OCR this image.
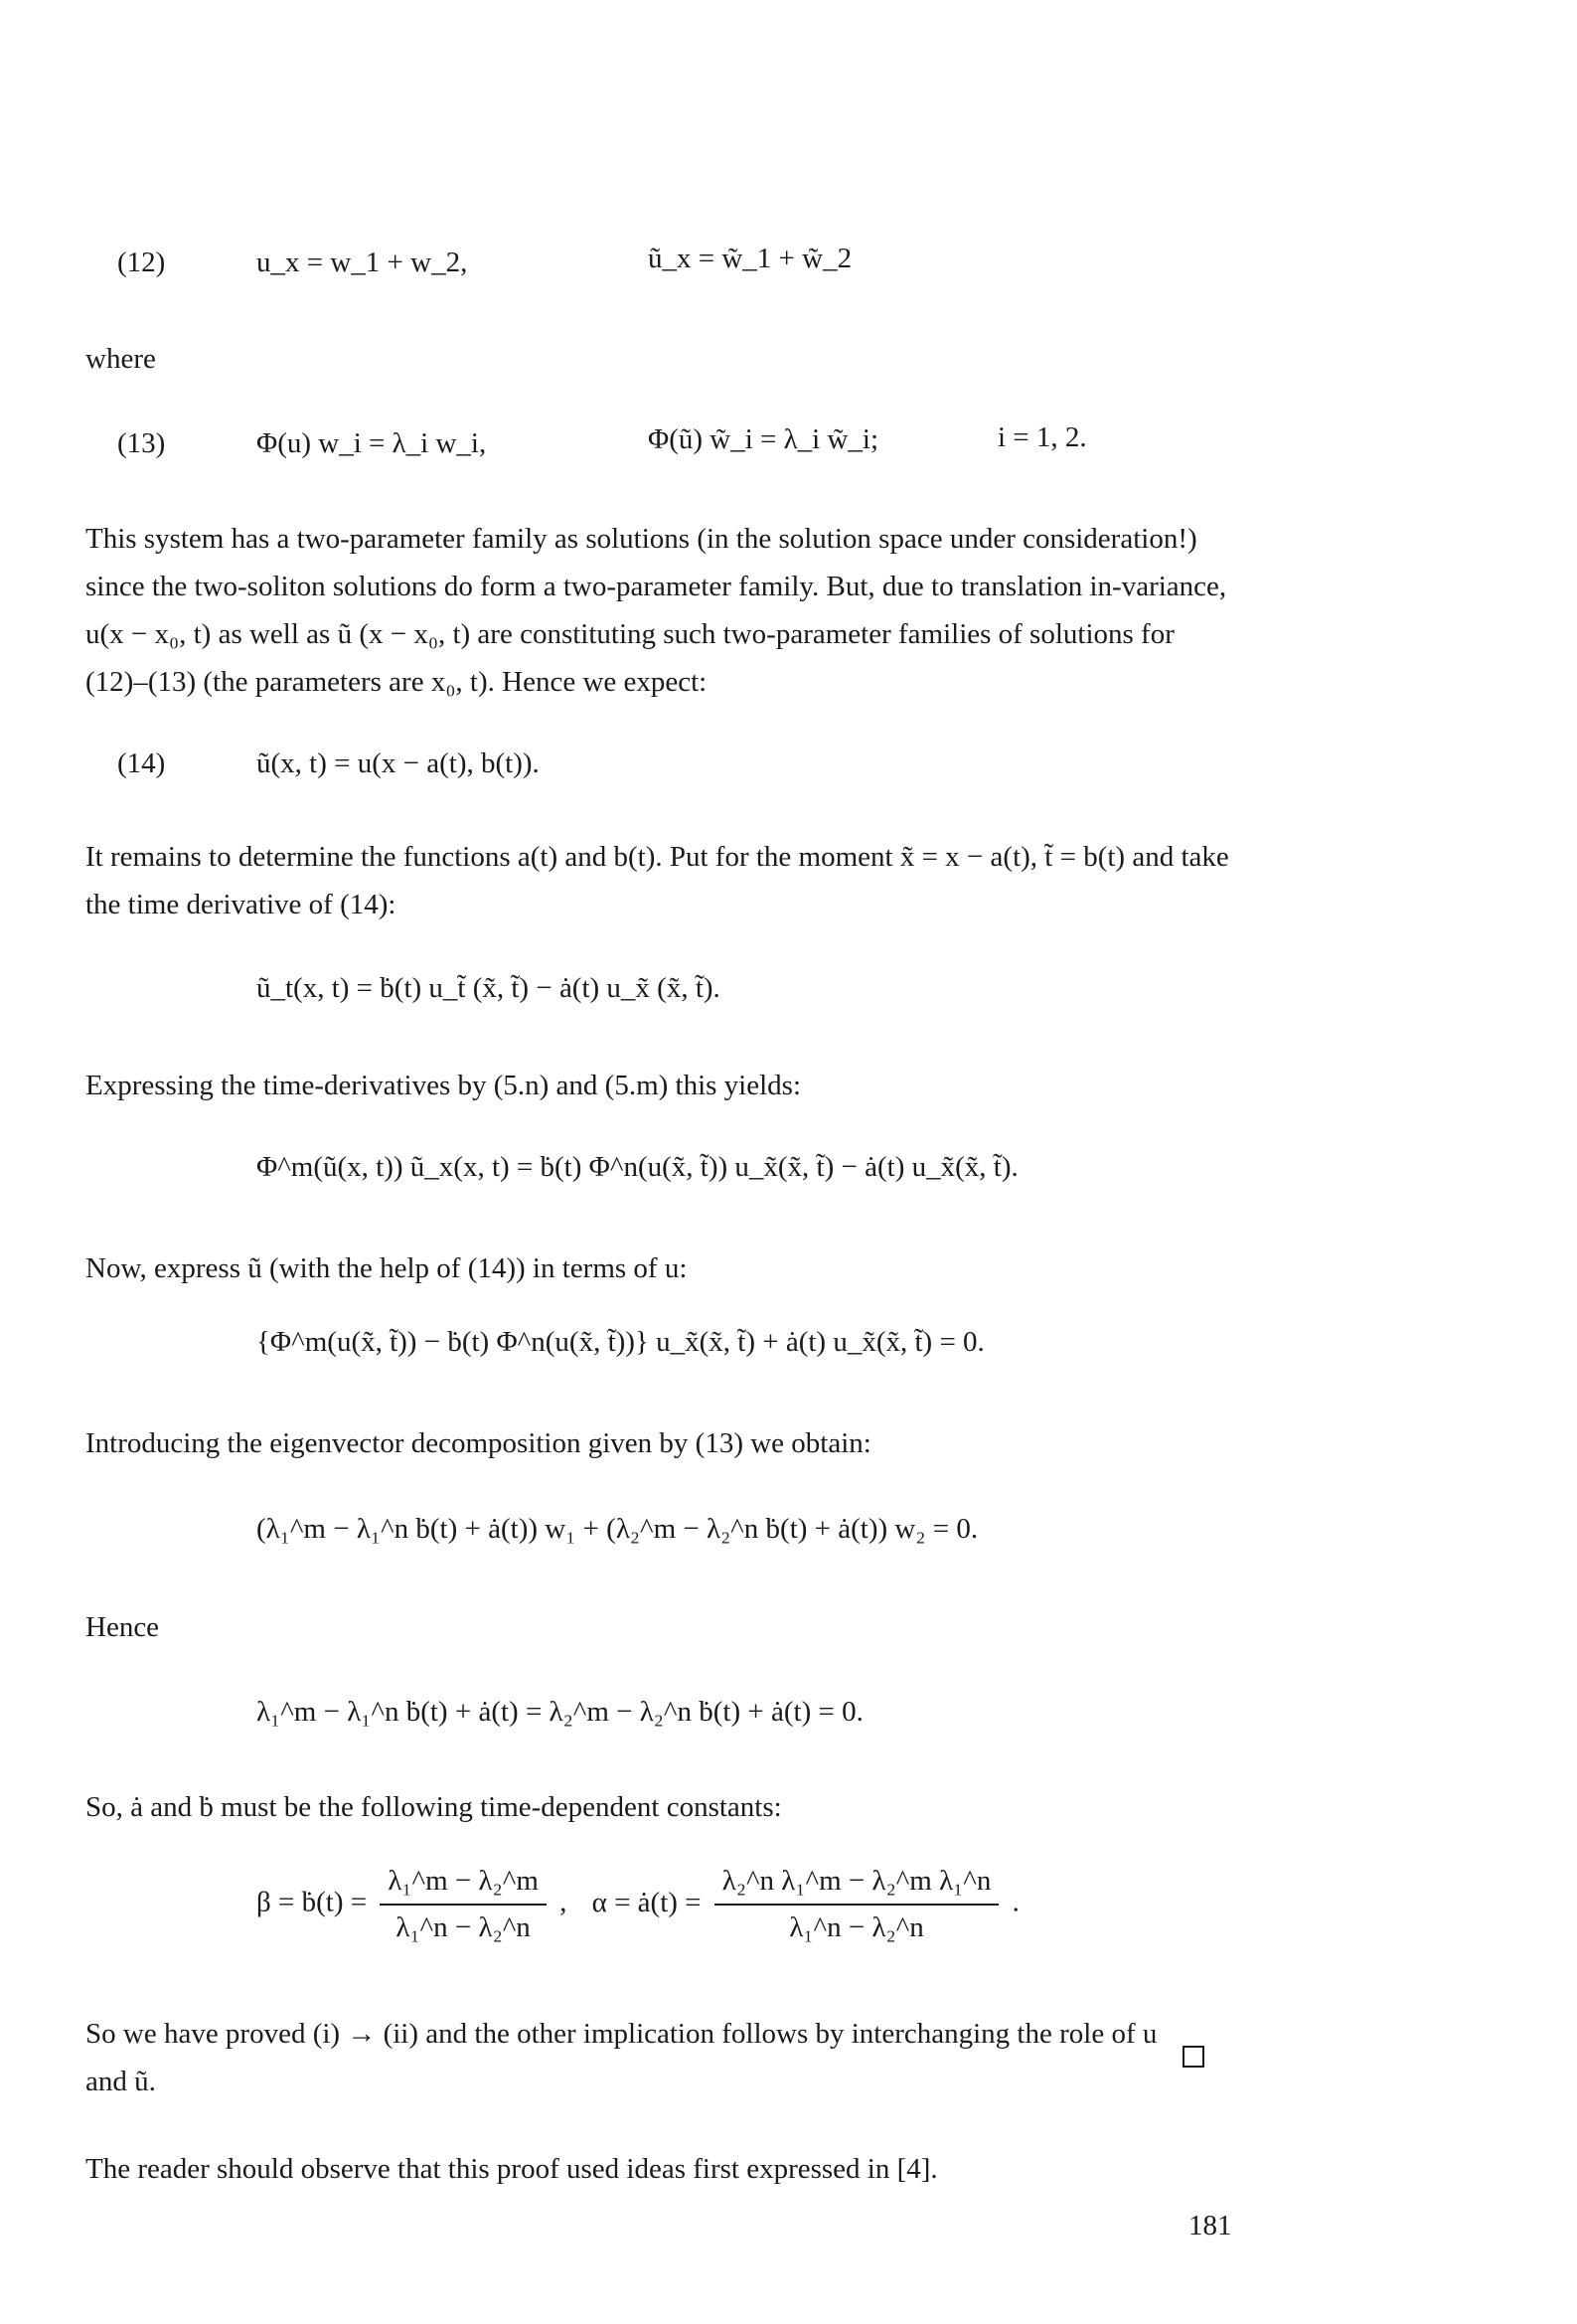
(12)	u_x = w_1 + w_2,	ũ_x = w̃_1 + w̃_2
where
(13)	Φ(u) w_i = λ_i w_i,	Φ(ũ) w̃_i = λ_i w̃_i;	i = 1, 2.
This system has a two-parameter family as solutions (in the solution space under consideration!) since the two-soliton solutions do form a two-parameter family. But, due to translation in-variance, u(x − x₀, t) as well as ũ (x − x₀, t) are constituting such two-parameter families of solutions for (12)–(13) (the parameters are x₀, t). Hence we expect:
(14)	ũ(x, t) = u(x − a(t), b(t)).
It remains to determine the functions a(t) and b(t). Put for the moment x̃ = x − a(t), t̃ = b(t) and take the time derivative of (14):
ũ_t(x, t) = ḃ(t) u_t̃ (x̃, t̃) − ȧ(t) u_x̃ (x̃, t̃).
Expressing the time-derivatives by (5.n) and (5.m) this yields:
Φ^m(ũ(x, t)) ũ_x(x, t) = ḃ(t) Φ^n(u(x̃, t̃)) u_x̃(x̃, t̃) − ȧ(t) u_x̃(x̃, t̃).
Now, express ũ (with the help of (14)) in terms of u:
{Φ^m(u(x̃, t̃)) − ḃ(t) Φ^n(u(x̃, t̃))} u_x̃(x̃, t̃) + ȧ(t) u_x̃(x̃, t̃) = 0.
Introducing the eigenvector decomposition given by (13) we obtain:
(λ₁^m − λ₁^n ḃ(t) + ȧ(t)) w₁ + (λ₂^m − λ₂^n ḃ(t) + ȧ(t)) w₂ = 0.
Hence
λ₁^m − λ₁^n ḃ(t) + ȧ(t) = λ₂^m − λ₂^n ḃ(t) + ȧ(t) = 0.
So, ȧ and ḃ must be the following time-dependent constants:
β = ḃ(t) = $\frac{\text{λ₁\textasciicircum{}m − λ₂\textasciicircum{}m}}{\text{λ₁\textasciicircum{}n − λ₂\textasciicircum{}n}}$ , α = ȧ(t) = $\frac{\text{λ₂\textasciicircum{}n λ₁\textasciicircum{}m − λ₂\textasciicircum{}m λ₁\textasciicircum{}n}}{\text{λ₁\textasciicircum{}n − λ₂\textasciicircum{}n}}$ .
So we have proved (i) → (ii) and the other implication follows by interchanging the role of u and ũ.
The reader should observe that this proof used ideas first expressed in [4].
181
